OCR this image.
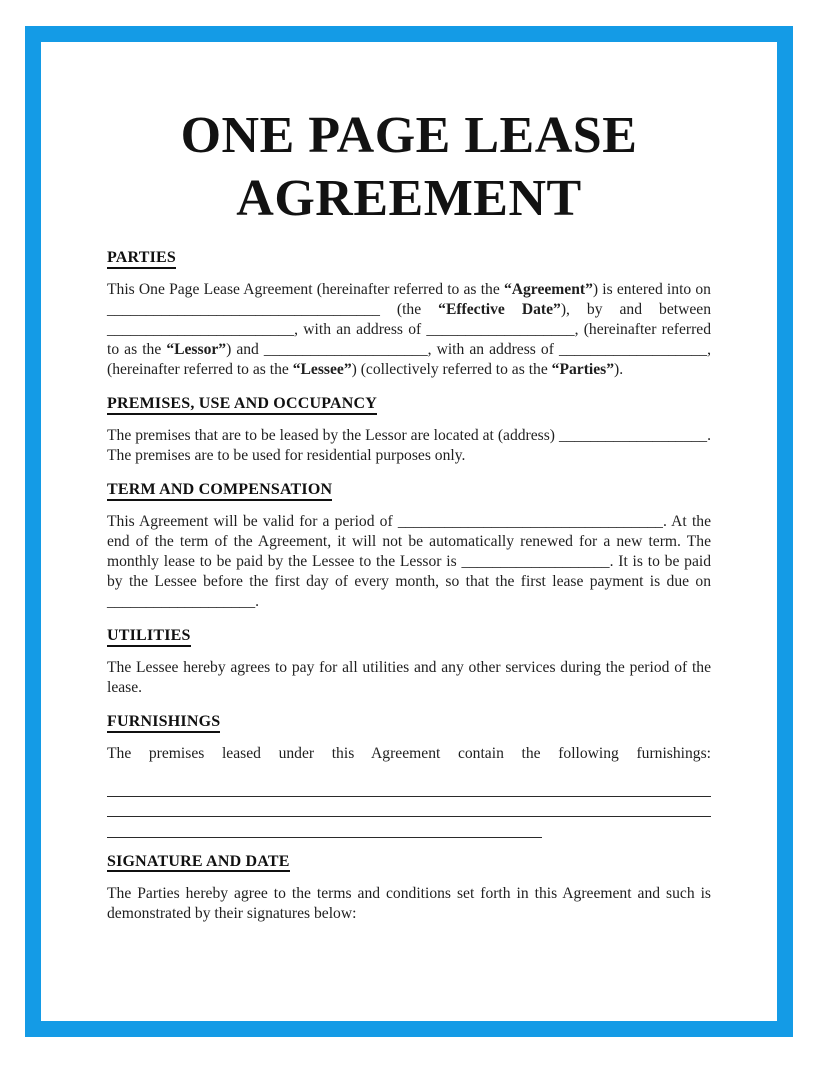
ONE PAGE LEASE AGREEMENT
PARTIES

This One Page Lease Agreement (hereinafter referred to as the “Agreement”) is entered into on ___________________________________ (the “Effective Date”), by and between ________________________, with an address of ___________________, (hereinafter referred to as the “Lessor”) and _____________________, with an address of ___________________, (hereinafter referred to as the “Lessee”) (collectively referred to as the “Parties”).

PREMISES, USE AND OCCUPANCY

The premises that are to be leased by the Lessor are located at (address) ___________________. The premises are to be used for residential purposes only.

TERM AND COMPENSATION

This Agreement will be valid for a period of __________________________________. At the end of the term of the Agreement, it will not be automatically renewed for a new term. The monthly lease to be paid by the Lessee to the Lessor is ___________________. It is to be paid by the Lessee before the first day of every month, so that the first lease payment is due on ___________________.

UTILITIES

The Lessee hereby agrees to pay for all utilities and any other services during the period of the lease.

FURNISHINGS

The premises leased under this Agreement contain the following furnishings:

SIGNATURE AND DATE

The Parties hereby agree to the terms and conditions set forth in this Agreement and such is demonstrated by their signatures below:
